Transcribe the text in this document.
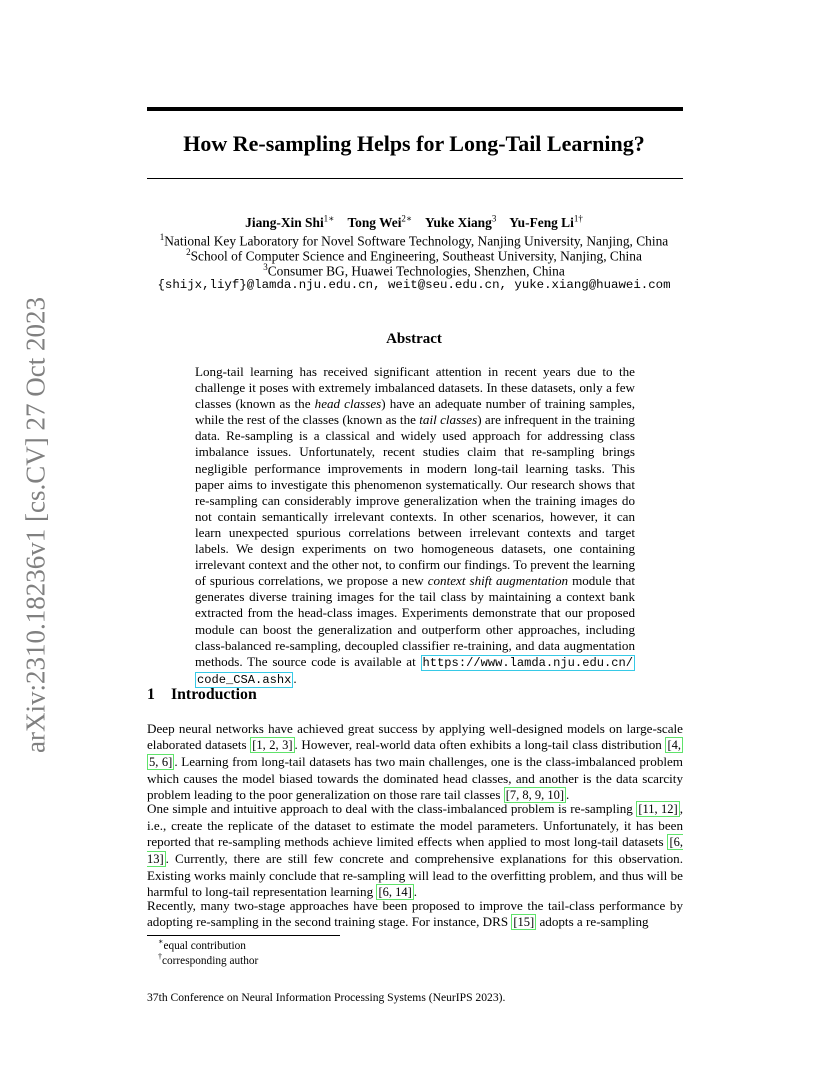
arXiv:2310.18236v1 [cs.CV] 27 Oct 2023
How Re-sampling Helps for Long-Tail Learning?
Jiang-Xin Shi$^{1∗}$ Tong Wei$^{2∗}$ Yuke Xiang$^3$ Yu-Feng $Li^{1\dagger}$
$^1$National Key Laboratory for Novel Software Technology, Nanjing University, Nanjing, China
$^2$School of Computer Science and Engineering, Southeast University, Nanjing, China
$^3$Consumer BG, Huawei Technologies, Shenzhen, China
{shijx,liyf}@lamda.nju.edu.cn, weit@seu.edu.cn, yuke.xiang@huawei.com
Abstract
Long-tail learning has received significant attention in recent years due to the challenge it poses with extremely imbalanced datasets. In these datasets, only a few classes (known as the head classes) have an adequate number of training samples, while the rest of the classes (known as the tail classes) are infrequent in the training data. Re-sampling is a classical and widely used approach for addressing class imbalance issues. Unfortunately, recent studies claim that re-sampling brings negligible performance improvements in modern long-tail learning tasks. This paper aims to investigate this phenomenon systematically. Our research shows that re-sampling can considerably improve generalization when the training images do not contain semantically irrelevant contexts. In other scenarios, however, it can learn unexpected spurious correlations between irrelevant contexts and target labels. We design experiments on two homogeneous datasets, one containing irrelevant context and the other not, to confirm our findings. To prevent the learning of spurious correlations, we propose a new context shift augmentation module that generates diverse training images for the tail class by maintaining a context bank extracted from the head-class images. Experiments demonstrate that our proposed module can boost the generalization and outperform other approaches, including class-balanced re-sampling, decoupled classifier re-training, and data augmentation methods. The source code is available at https://www.lamda.nju.edu.cn/ code_CSA.ashx .
1 Introduction
Deep neural networks have achieved great success by applying well-designed models on large-scale elaborated datasets [1, 2, 3] . However, real-world data often exhibits a long-tail class distribution [4, 5, 6] . Learning from long-tail datasets has two main challenges, one is the class-imbalanced problem which causes the model biased towards the dominated head classes, and another is the data scarcity problem leading to the poor generalization on those rare tail classes [7, 8, 9, 10] .
One simple and intuitive approach to deal with the class-imbalanced problem is re-sampling [11, 12] , i.e., create the replicate of the dataset to estimate the model parameters. Unfortunately, it has been reported that re-sampling methods achieve limited effects when applied to most long-tail datasets [6, 13] . Currently, there are still few concrete and comprehensive explanations for this observation. Existing works mainly conclude that re-sampling will lead to the overfitting problem, and thus will be harmful to long-tail representation learning [6, 14] .
Recently, many two-stage approaches have been proposed to improve the tail-class performance by adopting re-sampling in the second training stage. For instance, DRS [15] adopts a re-sampling
∗equal contribution
†corresponding author
37th Conference on Neural Information Processing Systems (NeurIPS 2023).
